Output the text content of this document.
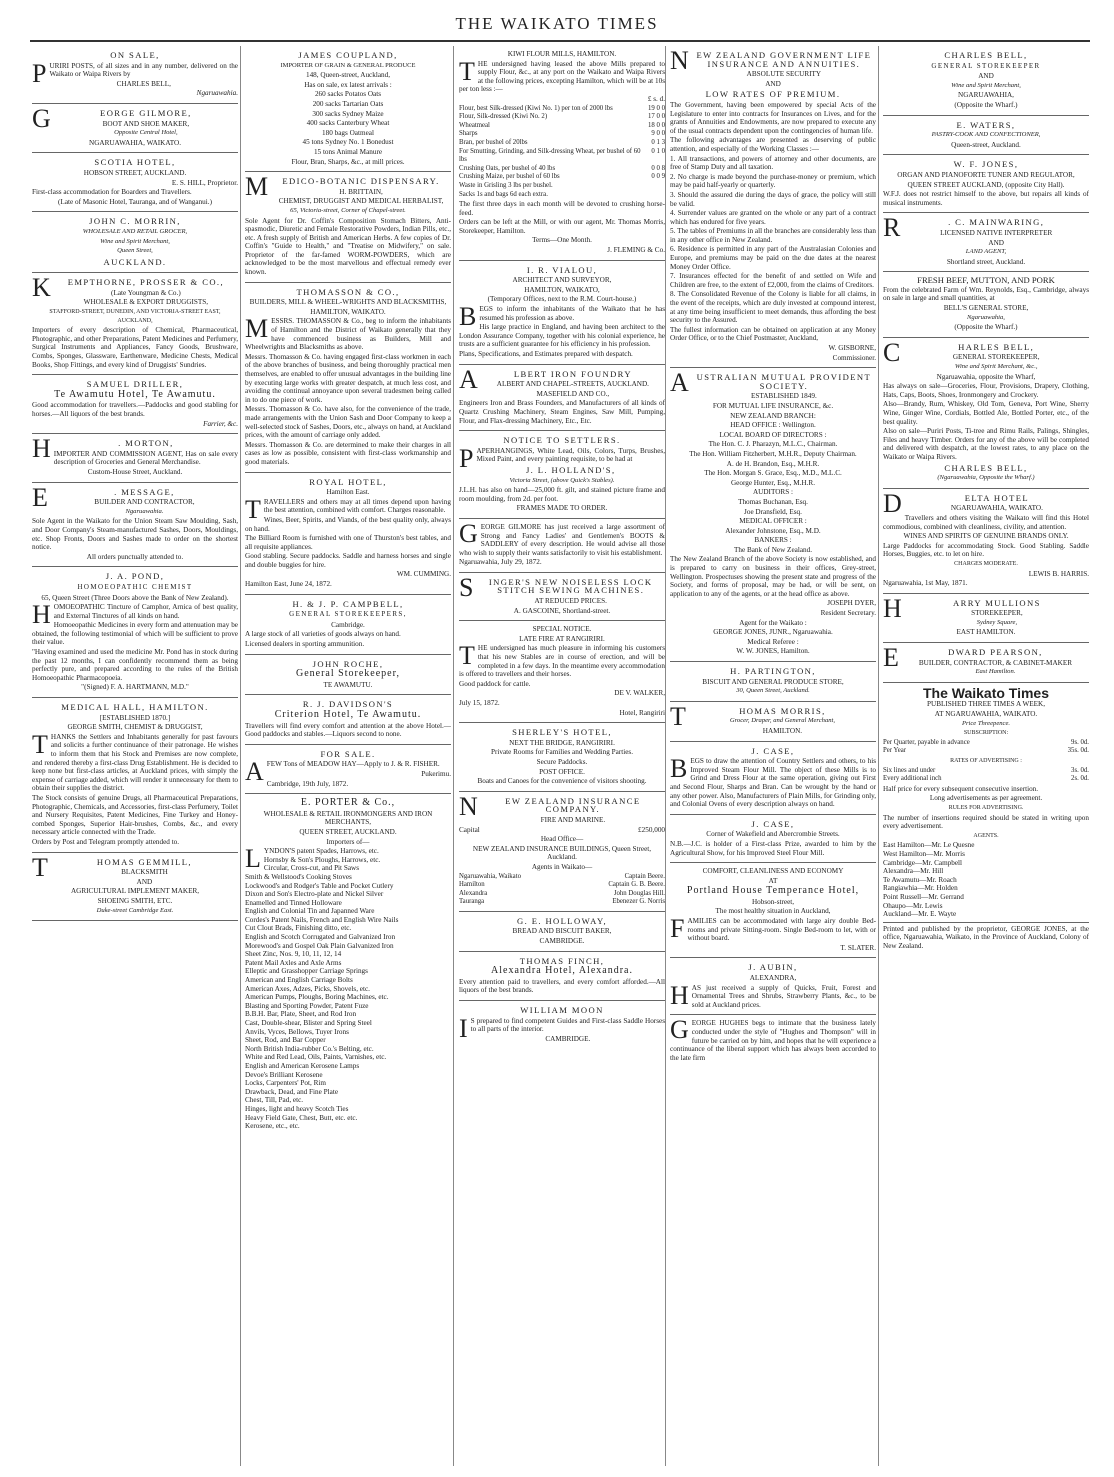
THE WAIKATO TIMES
ON SALE,
P URIRI POSTS, of all sizes and in any number, delivered on the Waikato or Waipa Rivers by
CHARLES BELL,
Ngaruawahia.
G	EORGE GILMORE,
BOOT AND SHOE MAKER,
Opposite Central Hotel,
NGARUAWAHIA, WAIKATO.
SCOTIA HOTEL,
HOBSON STREET, AUCKLAND.
E. S. HILL, Proprietor.
First-class accommodation for Boarders and Travellers.
(Late of Masonic Hotel, Tauranga, and of Wanganui.)
JOHN C. MORRIN,
WHOLESALE AND RETAIL GROCER,
Wine and Spirit Merchant,
Queen Street,
AUCKLAND.
K	EMPTHORNE, PROSSER & CO.,
(Late Youngman & Co.)
WHOLESALE & EXPORT DRUGGISTS,
STAFFORD-STREET, DUNEDIN, AND VICTORIA-STREET EAST, AUCKLAND,
Importers of every description of Chemical, Pharmaceutical, Photographic, and other Preparations, Patent Medicines and Perfumery, Surgical Instruments and Appliances, Fancy Goods, Brushware, Combs, Sponges, Glassware, Earthenware, Medicine Chests, Medical Books, Shop Fittings, and every kind of Druggists' Sundries.
SAMUEL DRILLER,
Te Awamutu Hotel, Te Awamutu.
Good accommodation for travellers.—Paddocks and good stabling for horses.—All liquors of the best brands.
Farrier, &c.
H	. MORTON,
IMPORTER AND COMMISSION AGENT, Has on sale every description of Groceries and General Merchandise.
Custom-House Street, Auckland.
E	. MESSAGE,
BUILDER AND CONTRACTOR,
Ngaruawahia.
Sole Agent in the Waikato for the Union Steam Saw Moulding, Sash, and Door Company's Steam-manufactured Sashes, Doors, Mouldings, etc. Shop Fronts, Doors and Sashes made to order on the shortest notice.
All orders punctually attended to.
J. A. POND,
HOMOEOPATHIC CHEMIST
65, Queen Street (Three Doors above the Bank of New Zealand).
H OMOEOPATHIC Tincture of Camphor, Arnica of best quality, and External Tinctures of all kinds on hand.
Homoeopathic Medicines in every form and attenuation may be obtained, the following testimonial of which will be sufficient to prove their value.
"Having examined and used the medicine Mr. Pond has in stock during the past 12 months, I can confidently recommend them as being perfectly pure, and prepared according to the rules of the British Homoeopathic Pharmacopoeia.
"(Signed) F. A. HARTMANN, M.D."
MEDICAL HALL, HAMILTON.
[ESTABLISHED 1870.]
GEORGE SMITH, CHEMIST & DRUGGIST,
T HANKS the Settlers and Inhabitants generally for past favours and solicits a further continuance of their patronage. He wishes to inform them that his Stock and Premises are now complete, and rendered thereby a first-class Drug Establishment. He is decided to keep none but first-class articles, at Auckland prices, with simply the expense of carriage added, which will render it unnecessary for them to obtain their supplies the district.
The Stock consists of genuine Drugs, all Pharmaceutical Preparations, Photographic, Chemicals, and Accessories, first-class Perfumery, Toilet and Nursery Requisites, Patent Medicines, Fine Turkey and Honey-combed Sponges, Superior Hair-brushes, Combs, &c., and every necessary article connected with the Trade.
Orders by Post and Telegram promptly attended to.
T	HOMAS GEMMILL,
BLACKSMITH
AND
AGRICULTURAL IMPLEMENT MAKER,
SHOEING SMITH, ETC.
Duke-street Cambridge East.
JAMES COUPLAND,
IMPORTER OF GRAIN & GENERAL PRODUCE
148, Queen-street, Auckland,
Has on sale, ex latest arrivals :
260 sacks Potatos Oats
200 sacks Tartarian Oats
300 sacks Sydney Maize
400 sacks Canterbury Wheat
180 bags Oatmeal
45 tons Sydney No. 1 Bonedust
15 tons Animal Manure
Flour, Bran, Sharps, &c., at mill prices.
M	EDICO-BOTANIC DISPENSARY.
H. BRITTAIN,
CHEMIST, DRUGGIST AND MEDICAL HERBALIST,
65, Victoria-street, Corner of Chapel-street.
Sole Agent for Dr. Coffin's Composition Stomach Bitters, Anti-spasmodic, Diuretic and Female Restorative Powders, Indian Pills, etc., etc. A fresh supply of British and American Herbs. A few copies of Dr. Coffin's "Guide to Health," and "Treatise on Midwifery," on sale. Proprietor of the far-famed WORM-POWDERS, which are acknowledged to be the most marvellous and effectual remedy ever known.
THOMASSON & CO.,
BUILDERS, MILL & WHEEL-WRIGHTS AND BLACKSMITHS,
HAMILTON, WAIKATO.
M ESSRS. THOMASSON & Co., beg to inform the inhabitants of Hamilton and the District of Waikato generally that they have commenced business as Builders, Mill and Wheelwrights and Blacksmiths as above.
Messrs. Thomasson & Co. having engaged first-class workmen in each of the above branches of business, and being thoroughly practical men themselves, are enabled to offer unusual advantages in the building line by executing large works with greater despatch, at much less cost, and avoiding the continual annoyance upon several tradesmen being called in to do one piece of work.
Messrs. Thomasson & Co. have also, for the convenience of the trade, made arrangements with the Union Sash and Door Company to keep a well-selected stock of Sashes, Doors, etc., always on hand, at Auckland prices, with the amount of carriage only added.
Messrs. Thomasson & Co. are determined to make their charges in all cases as low as possible, consistent with first-class workmanship and good materials.
ROYAL HOTEL,
Hamilton East.
T RAVELLERS and others may at all times depend upon having the best attention, combined with comfort. Charges reasonable.
Wines, Beer, Spirits, and Viands, of the best quality only, always on hand.
The Billiard Room is furnished with one of Thurston's best tables, and all requisite appliances.
Good stabling. Secure paddocks. Saddle and harness horses and single and double buggies for hire.
WM. CUMMING.
Hamilton East, June 24, 1872.
H. & J. P. CAMPBELL,
GENERAL STOREKEEPERS,
Cambridge.
A large stock of all varieties of goods always on hand.
Licensed dealers in sporting ammunition.
JOHN ROCHE,
General Storekeeper,
TE AWAMUTU.
R. J. DAVIDSON'S
Criterion Hotel, Te Awamutu.
Travellers will find every comfort and attention at the above Hotel.—Good paddocks and stables.—Liquors second to none.
FOR SALE.
A FEW Tons of MEADOW HAY—Apply to J. & R. FISHER.
Pukerimu.
Cambridge, 19th July, 1872.
E. PORTER & Co.,
WHOLESALE & RETAIL IRONMONGERS AND IRON MERCHANTS,
QUEEN STREET, AUCKLAND.
Importers of—
L YNDON'S patent Spades, Harrows, etc.
Hornsby & Son's Ploughs, Harrows, etc.
Circular, Cross-cut, and Pit Saws
Smith & Wellstood's Cooking Stoves
Lockwood's and Rodger's Table and Pocket Cutlery
Dixon and Son's Electro-plate and Nickel Silver
Enamelled and Tinned Holloware
English and Colonial Tin and Japanned Ware
Cordes's Patent Nails, French and English Wire Nails
Cut Clout Brads, Finishing ditto, etc.
English and Scotch Corrugated and Galvanized Iron
Morewood's and Gospel Oak Plain Galvanized Iron
Sheet Zinc, Nos. 9, 10, 11, 12, 14
Patent Mail Axles and Axle Arms
Elleptic and Grasshopper Carriage Springs
American and English Carriage Bolts
American Axes, Adzes, Picks, Shovels, etc.
American Pumps, Ploughs, Boring Machines, etc.
Blasting and Sporting Powder, Patent Fuze
B.B.H. Bar, Plate, Sheet, and Rod Iron
Cast, Double-shear, Blister and Spring Steel
Anvils, Vyces, Bellows, Tuyer Irons
Sheet, Rod, and Bar Copper
North British India-rubber Co.'s Belting, etc.
White and Red Lead, Oils, Paints, Varnishes, etc.
English and American Kerosene Lamps
Devoe's Brilliant Kerosene
Locks, Carpenters' Pot, Rim
Drawback, Dead, and Fine Plate
Chest, Till, Pad, etc.
Hinges, light and heavy Scotch Ties
Heavy Field Gate, Chest, Butt, etc. etc.
Kerosene, etc., etc.
KIWI FLOUR MILLS, HAMILTON.
T HE undersigned having leased the above Mills prepared to supply Flour, &c., at any port on the Waikato and Waipa Rivers at the following prices, excepting Hamilton, which will be at 10s per ton less :—
£ s. d.
Flour, best Silk-dressed (Kiwi No. 1) per ton of 2000 lbs	19 0 0
Flour, Silk-dressed (Kiwi No. 2)	17 0 0
Wheatmeal	18 0 0
Sharps	9 0 0
Bran, per bushel of 20lbs	0 1 3
For Smutting, Grinding, and Silk-dressing Wheat, per bushel of 60 lbs	0 1 0
Crushing Oats, per bushel of 40 lbs	0 0 8
Crushing Maize, per bushel of 60 lbs	0 0 9
Waste in Grisling 3 lbs per bushel.	
Sacks 1s and bags 6d each extra.	
The first three days in each month will be devoted to crushing horse-feed.
Orders can be left at the Mill, or with our agent, Mr. Thomas Morris, Storekeeper, Hamilton.
Terms—One Month.
J. FLEMING & Co.
I. R. VIALOU,
ARCHITECT AND SURVEYOR,
HAMILTON, WAIKATO,
(Temporary Offices, next to the R.M. Court-house.)
B EGS to inform the inhabitants of the Waikato that he has resumed his profession as above.
His large practice in England, and having been architect to the London Assurance Company, together with his colonial experience, he trusts are a sufficient guarantee for his efficiency in his profession.
Plans, Specifications, and Estimates prepared with despatch.
A	LBERT IRON FOUNDRY
ALBERT AND CHAPEL-STREETS, AUCKLAND.
MASEFIELD AND CO.,
Engineers Iron and Brass Founders, and Manufacturers of all kinds of Quartz Crushing Machinery, Steam Engines, Saw Mill, Pumping, Flour, and Flax-dressing Machinery, Etc., Etc.
NOTICE TO SETTLERS.
P APERHANGINGS, White Lead, Oils, Colors, Turps, Brushes, Mixed Paint, and every painting requisite, to be had at
J. L. HOLLAND'S,
Victoria Street, (above Quick's Stables).
J.L.H. has also on hand—25,000 ft. gilt, and stained picture frame and room moulding, from 2d. per foot.
FRAMES MADE TO ORDER.
G EORGE GILMORE has just received a large assortment of Strong and Fancy Ladies' and Gentlemen's BOOTS & SADDLERY of every description. He would advise all those who wish to supply their wants satisfactorily to visit his establishment.
Ngaruawahia, July 29, 1872.
S	INGER'S NEW NOISELESS LOCK STITCH SEWING MACHINES.
AT REDUCED PRICES.
A. GASCOINE, Shortland-street.
SPECIAL NOTICE.
LATE FIRE AT RANGIRIRI.
T HE undersigned has much pleasure in informing his customers that his new Stables are in course of erection, and will be completed in a few days. In the meantime every accommodation is offered to travellers and their horses.
Good paddock for cattle.
DE V. WALKER,
July 15, 1872.
Hotel, Rangiriri
SHERLEY'S HOTEL,
NEXT THE BRIDGE, RANGIRIRI.
Private Rooms for Families and Wedding Parties.
Secure Paddocks.
POST OFFICE.
Boats and Canoes for the convenience of visitors shooting.
N	EW ZEALAND INSURANCE COMPANY.
FIRE AND MARINE.
Capital	£250,000
Head Office—
NEW ZEALAND INSURANCE BUILDINGS, Queen Street, Auckland.
Agents in Waikato—
Ngaruawahia, Waikato	Captain Beere.
Hamilton	Captain G. B. Beere.
Alexandra	John Douglas Hill.
Tauranga	Ebenezer G. Norris
G. E. HOLLOWAY,
BREAD AND BISCUIT BAKER,
CAMBRIDGE.
THOMAS FINCH,
Alexandra Hotel, Alexandra.
Every attention paid to travellers, and every comfort afforded.—All liquors of the best brands.
WILLIAM MOON
I S prepared to find competent Guides and First-class Saddle Horses to all parts of the interior.
CAMBRIDGE.
N EW ZEALAND GOVERNMENT LIFE INSURANCE AND ANNUITIES.
ABSOLUTE SECURITY
AND
LOW RATES OF PREMIUM.
The Government, having been empowered by special Acts of the Legislature to enter into contracts for Insurances on Lives, and for the grants of Annuities and Endowments, are now prepared to execute any of the usual contracts dependent upon the contingencies of human life.
The following advantages are presented as deserving of public attention, and especially of the Working Classes :—
1. All transactions, and powers of attorney and other documents, are free of Stamp Duty and all taxation.
2. No charge is made beyond the purchase-money or premium, which may be paid half-yearly or quarterly.
3. Should the assured die during the days of grace, the policy will still be valid.
4. Surrender values are granted on the whole or any part of a contract which has endured for five years.
5. The tables of Premiums in all the branches are considerably less than in any other office in New Zealand.
6. Residence is permitted in any part of the Australasian Colonies and Europe, and premiums may be paid on the due dates at the nearest Money Order Office.
7. Insurances effected for the benefit of and settled on Wife and Children are free, to the extent of £2,000, from the claims of Creditors.
8. The Consolidated Revenue of the Colony is liable for all claims, in the event of the receipts, which are duly invested at compound interest, at any time being insufficient to meet demands, thus affording the best security to the Assured.
The fullest information can be obtained on application at any Money Order Office, or to the Chief Postmaster, Auckland,
W. GISBORNE,
Commissioner.
A USTRALIAN MUTUAL PROVIDENT SOCIETY.
ESTABLISHED 1849.
FOR MUTUAL LIFE INSURANCE, &c.
NEW ZEALAND BRANCH:
HEAD OFFICE : Wellington.
LOCAL BOARD OF DIRECTORS :
The Hon. C. J. Pharazyn, M.L.C., Chairman.
The Hon. William Fitzherbert, M.H.R., Deputy Chairman.
A. de H. Brandon, Esq., M.H.R.
The Hon. Morgan S. Grace, Esq., M.D., M.L.C.
George Hunter, Esq., M.H.R.
AUDITORS :
Thomas Buchanan, Esq.
Joe Dransfield, Esq.
MEDICAL OFFICER :
Alexander Johnstone, Esq., M.D.
BANKERS :
The Bank of New Zealand.
The New Zealand Branch of the above Society is now established, and is prepared to carry on business in their offices, Grey-street, Wellington. Prospectuses showing the present state and progress of the Society, and forms of proposal, may be had, or will be sent, on application to any of the agents, or at the head office as above.
JOSEPH DYER,
Resident Secretary.
Agent for the Waikato :
GEORGE JONES, JUNR., Ngaruawahia.
Medical Referee :
W. W. JONES, Hamilton.
H. PARTINGTON,
BISCUIT AND GENERAL PRODUCE STORE,
30, Queen Street, Auckland.
T	HOMAS MORRIS,
Grocer, Draper, and General Merchant,
HAMILTON.
J. CASE,
B EGS to draw the attention of Country Settlers and others, to his Improved Steam Flour Mill. The object of these Mills is to Grind and Dress Flour at the same operation, giving out First and Second Flour, Sharps and Bran. Can be wrought by the hand or any other power. Also, Manufacturers of Plain Mills, for Grinding only, and Colonial Ovens of every description always on hand.
J. CASE,
Corner of Wakefield and Abercrombie Streets.
N.B.—J.C. is holder of a First-class Prize, awarded to him by the Agricultural Show, for his Improved Steel Flour Mill.
COMFORT, CLEANLINESS AND ECONOMY
AT
Portland House Temperance Hotel,
Hobson-street,
The most healthy situation in Auckland,
F AMILIES can be accommodated with large airy double Bed-rooms and private Sitting-room. Single Bed-room to let, with or without board.
T. SLATER.
J. AUBIN,
ALEXANDRA,
H AS just received a supply of Quicks, Fruit, Forest and Ornamental Trees and Shrubs, Strawberry Plants, &c., to be sold at Auckland prices.
G EORGE HUGHES begs to intimate that the business lately conducted under the style of "Hughes and Thompson" will in future be carried on by him, and hopes that he will experience a continuance of the liberal support which has always been accorded to the late firm
CHARLES BELL,
GENERAL STOREKEEPER
AND
Wine and Spirit Merchant,
NGARUAWAHIA,
(Opposite the Wharf.)
E. WATERS,
PASTRY-COOK AND CONFECTIONER,
Queen-street, Auckland.
W. F. JONES,
ORGAN AND PIANOFORTE TUNER AND REGULATOR,
QUEEN STREET AUCKLAND, (opposite City Hall).
W.F.J. does not restrict himself to the above, but repairs all kinds of musical instruments.
R	. C. MAINWARING,
LICENSED NATIVE INTERPRETER
AND
LAND AGENT,
Shortland street, Auckland.
FRESH BEEF, MUTTON, AND PORK
From the celebrated Farm of Wm. Reynolds, Esq., Cambridge, always on sale in large and small quantities, at
BELL'S GENERAL STORE,
Ngaruawahia,
(Opposite the Wharf.)
C	HARLES BELL,
GENERAL STOREKEEPER,
Wine and Spirit Merchant, &c.,
Ngaruawahia, opposite the Wharf,
Has always on sale—Groceries, Flour, Provisions, Drapery, Clothing, Hats, Caps, Boots, Shoes, Ironmongery and Crockery.
Also—Brandy, Rum, Whiskey, Old Tom, Geneva, Port Wine, Sherry Wine, Ginger Wine, Cordials, Bottled Ale, Bottled Porter, etc., of the best quality.
Also on sale—Puriri Posts, Ti-tree and Rimu Rails, Palings, Shingles, Files and heavy Timber. Orders for any of the above will be completed and delivered with despatch, at the lowest rates, to any place on the Waikato or Waipa Rivers.
CHARLES BELL,
(Ngaruawahia, Opposite the Wharf.)
D	ELTA HOTEL
NGARUAWAHIA, WAIKATO.
Travellers and others visiting the Waikato will find this Hotel commodious, combined with cleanliness, civility, and attention.
WINES AND SPIRITS OF GENUINE BRANDS ONLY.
Large Paddocks for accommodating Stock. Good Stabling. Saddle Horses, Buggies, etc. to let on hire.
CHARGES MODERATE.
LEWIS B. HARRIS.
Ngaruawahia, 1st May, 1871.
H	ARRY MULLIONS
STOREKEEPER,
Sydney Square,
EAST HAMILTON.
E	DWARD PEARSON,
BUILDER, CONTRACTOR, & CABINET-MAKER
East Hamilton.
The Waikato Times
PUBLISHED THREE TIMES A WEEK,
AT NGARUAWAHIA, WAIKATO.
Price Threepence.
SUBSCRIPTION:
Per Quarter, payable in advance	9s. 0d.
Per Year	35s. 0d.
RATES OF ADVERTISING :
Six lines and under	3s. 0d.
Every additional inch	2s. 0d.
Half price for every subsequent consecutive insertion.
Long advertisements as per agreement.
RULES FOR ADVERTISING.
The number of insertions required should be stated in writing upon every advertisement.
AGENTS.
East Hamilton—Mr. Le Quesne
West Hamilton—Mr. Morris
Cambridge—Mr. Campbell
Alexandra—Mr. Hill
Te Awamutu—Mr. Roach
Rangiawhia—Mr. Holden
Point Russell—Mr. Gerrand
Ohaupo—Mr. Lewis
Auckland—Mr. E. Wayte
Printed and published by the proprietor, GEORGE JONES, at the office, Ngaruawahia, Waikato, in the Province of Auckland, Colony of New Zealand.
